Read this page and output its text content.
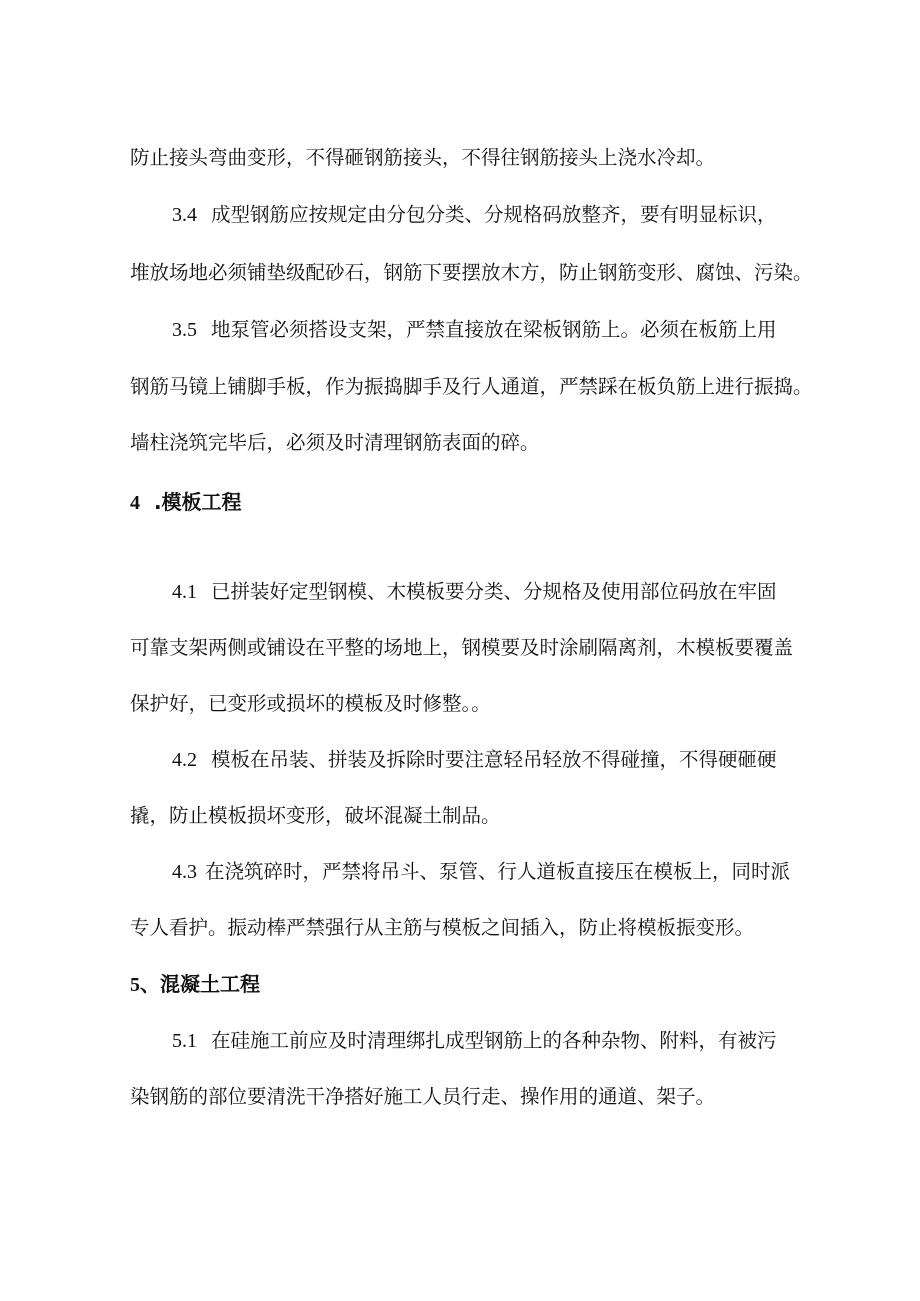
防止接头弯曲变形，不得砸钢筋接头，不得往钢筋接头上浇水冷却。
3.4 成型钢筋应按规定由分包分类、分规格码放整齐，要有明显标识，
堆放场地必须铺垫级配砂石，钢筋下要摆放木方，防止钢筋变形、腐蚀、污染。
3.5 地泵管必须搭设支架，严禁直接放在梁板钢筋上。必须在板筋上用
钢筋马镜上铺脚手板，作为振捣脚手及行人通道，严禁踩在板负筋上进行振捣。
墙柱浇筑完毕后，必须及时清理钢筋表面的碎。
4 .模板工程
4.1 已拼装好定型钢模、木模板要分类、分规格及使用部位码放在牢固
可靠支架两侧或铺设在平整的场地上，钢模要及时涂刷隔离剂，木模板要覆盖
保护好，已变形或损坏的模板及时修整。。
4.2 模板在吊装、拼装及拆除时要注意轻吊轻放不得碰撞，不得硬砸硬
撬，防止模板损坏变形，破坏混凝土制品。
4.3 在浇筑碎时，严禁将吊斗、泵管、行人道板直接压在模板上，同时派
专人看护。振动棒严禁强行从主筋与模板之间插入，防止将模板振变形。
5、混凝土工程
5.1 在硅施工前应及时清理绑扎成型钢筋上的各种杂物、附料，有被污
染钢筋的部位要清洗干净搭好施工人员行走、操作用的通道、架子。
